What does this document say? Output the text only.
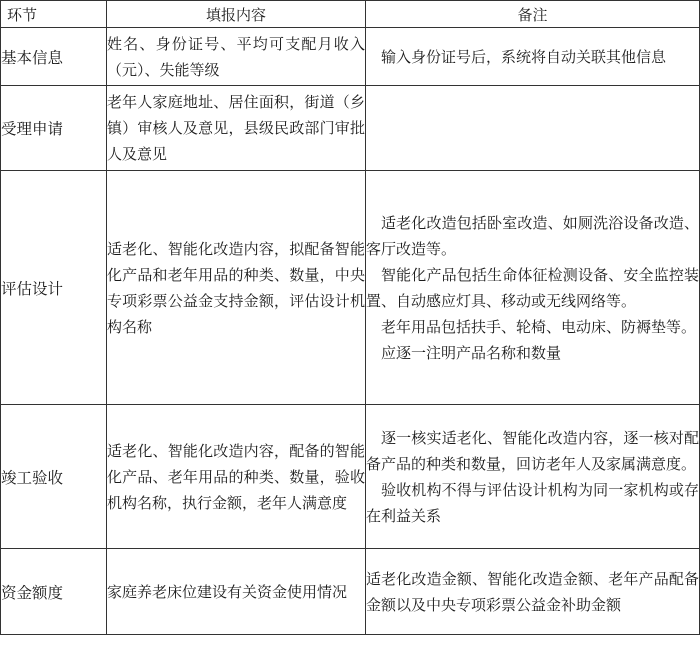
环节	填报内容	备注
基本信息	姓名、身份证号、平均可支配月收入（元）、失能等级	输入身份证号后，系统将自动关联其他信息

受理申请	老年人家庭地址、居住面积，街道（乡镇）审核人及意见，县级民政部门审批人及意见	
评估设计	适老化、智能化改造内容，拟配备智能化产品和老年用品的种类、数量，中央专项彩票公益金支持金额，评估设计机构名称	适老化改造包括卧室改造、如厕洗浴设备改造、客厅改造等。

智能化产品包括生命体征检测设备、安全监控装置、自动感应灯具、移动或无线网络等。

老年用品包括扶手、轮椅、电动床、防褥垫等。

应逐一注明产品名称和数量

竣工验收	适老化、智能化改造内容，配备的智能化产品、老年用品的种类、数量，验收机构名称，执行金额，老年人满意度	逐一核实适老化、智能化改造内容，逐一核对配备产品的种类和数量，回访老年人及家属满意度。

验收机构不得与评估设计机构为同一家机构或存在利益关系

资金额度	家庭养老床位建设有关资金使用情况	适老化改造金额、智能化改造金额、老年产品配备金额以及中央专项彩票公益金补助金额
